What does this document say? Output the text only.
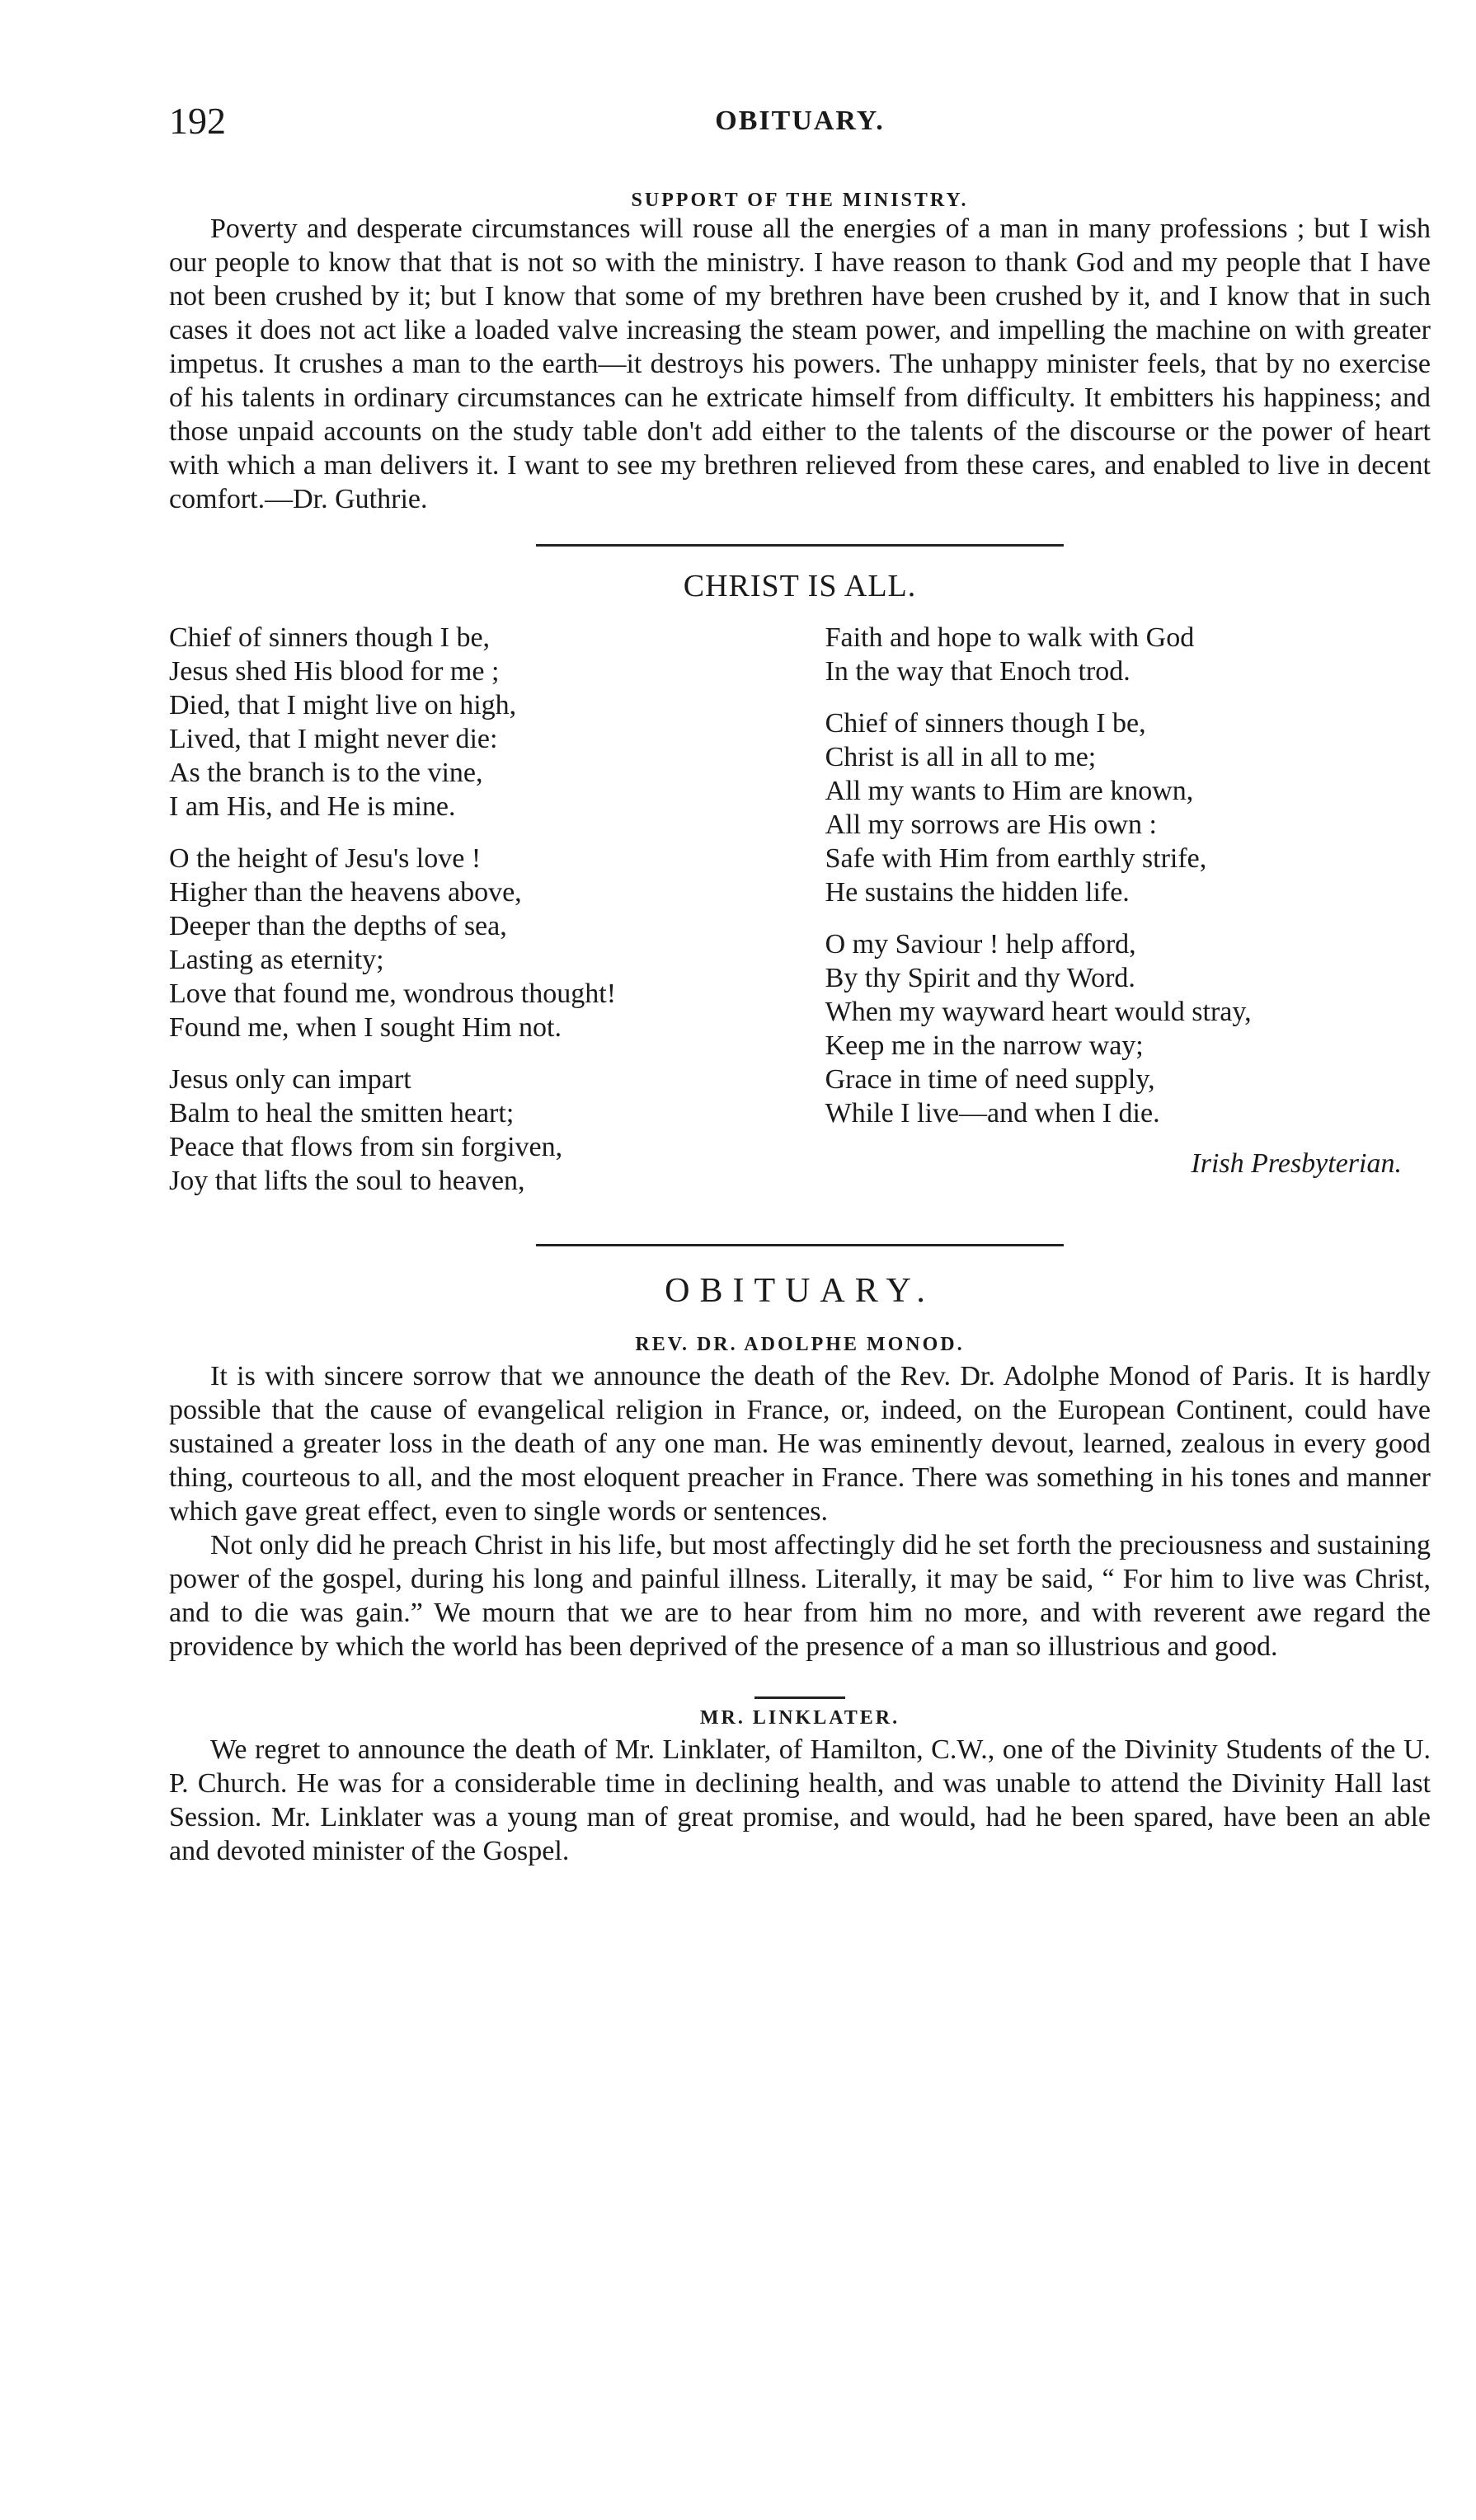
192	OBITUARY.
SUPPORT OF THE MINISTRY.

Poverty and desperate circumstances will rouse all the energies of a man in many professions ; but I wish our people to know that that is not so with the ministry. I have reason to thank God and my people that I have not been crushed by it; but I know that some of my brethren have been crushed by it, and I know that in such cases it does not act like a loaded valve increasing the steam power, and impelling the machine on with greater impetus. It crushes a man to the earth—it destroys his powers. The unhappy minister feels, that by no exercise of his talents in ordinary circumstances can he extricate himself from difficulty. It embitters his happiness; and those unpaid accounts on the study table don't add either to the talents of the discourse or the power of heart with which a man delivers it. I want to see my brethren relieved from these cares, and enabled to live in decent comfort.—Dr. Guthrie.

CHRIST IS ALL.
Chief of sinners though I be,
Jesus shed His blood for me ;
Died, that I might live on high,
Lived, that I might never die:
As the branch is to the vine,
I am His, and He is mine.
O the height of Jesu's love !
Higher than the heavens above,
Deeper than the depths of sea,
Lasting as eternity;
Love that found me, wondrous thought!
Found me, when I sought Him not.
Jesus only can impart
Balm to heal the smitten heart;
Peace that flows from sin forgiven,
Joy that lifts the soul to heaven,
Faith and hope to walk with God
In the way that Enoch trod.
Chief of sinners though I be,
Christ is all in all to me;
All my wants to Him are known,
All my sorrows are His own :
Safe with Him from earthly strife,
He sustains the hidden life.
O my Saviour ! help afford,
By thy Spirit and thy Word.
When my wayward heart would stray,
Keep me in the narrow way;
Grace in time of need supply,
While I live—and when I die.
Irish Presbyterian.
OBITUARY.
REV. DR. ADOLPHE MONOD.

It is with sincere sorrow that we announce the death of the Rev. Dr. Adolphe Monod of Paris. It is hardly possible that the cause of evangelical religion in France, or, indeed, on the European Continent, could have sustained a greater loss in the death of any one man. He was eminently devout, learned, zealous in every good thing, courteous to all, and the most eloquent preacher in France. There was something in his tones and manner which gave great effect, even to single words or sentences.

Not only did he preach Christ in his life, but most affectingly did he set forth the preciousness and sustaining power of the gospel, during his long and painful illness. Literally, it may be said, “ For him to live was Christ, and to die was gain.” We mourn that we are to hear from him no more, and with reverent awe regard the providence by which the world has been deprived of the presence of a man so illustrious and good.

MR. LINKLATER.

We regret to announce the death of Mr. Linklater, of Hamilton, C.W., one of the Divinity Students of the U. P. Church. He was for a considerable time in declining health, and was unable to attend the Divinity Hall last Session. Mr. Linklater was a young man of great promise, and would, had he been spared, have been an able and devoted minister of the Gospel.
